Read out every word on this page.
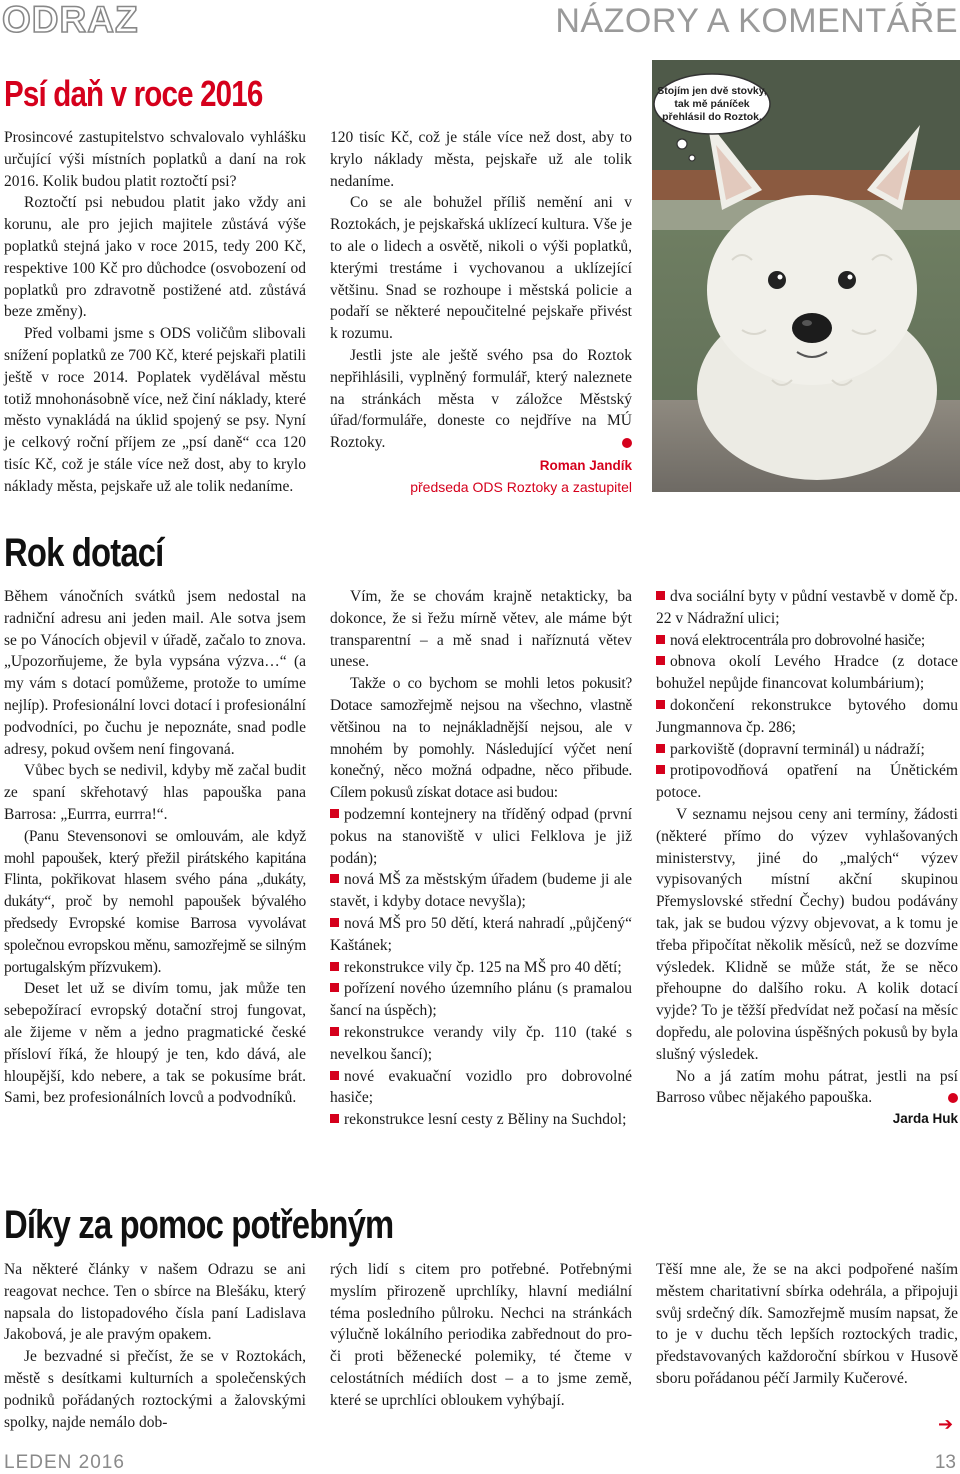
ODRAZ	NÁZORY A KOMENTÁŘE
Psí daň v roce 2016

Prosincové zastupitelstvo schvalovalo vyhlášku určující výši místních poplatků a daní na rok 2016. Kolik budou platit roztočtí psi?

Roztočtí psi nebudou platit jako vždy ani korunu, ale pro jejich majitele zůstává výše poplatků stejná jako v roce 2015, tedy 200 Kč, respektive 100 Kč pro důchodce (osvobození od poplatků pro zdravotně postižené atd. zůstává beze změny).

Před volbami jsme s ODS voličům slibovali snížení poplatků ze 700 Kč, které pejskaři platili ještě v roce 2014. Poplatek vydělával městu totiž mnohonásobně více, než činí náklady, které město vynakládá na úklid spojený se psy. Nyní je celkový roční příjem ze „psí daně“ cca 120 tisíc Kč, což je stále více než dost, aby to krylo náklady města, pejskaře už ale tolik nedaníme.

120 tisíc Kč, což je stále více než dost, aby to krylo náklady města, pejskaře už ale tolik nedaníme.

Co se ale bohužel příliš nemění ani v Roztokách, je pejskařská uklízecí kultura. Vše je to ale o lidech a osvětě, nikoli o výši poplatků, kterými trestáme i vychovanou a uklízející většinu. Snad se rozhoupe i městská policie a podaří se některé nepoučitelné pejskaře přivést k rozumu.

Jestli jste ale ještě svého psa do Roztok nepřihlásili, vyplněný formulář, který naleznete na stránkách města v záložce Městský úřad/formuláře, doneste co nejdříve na MÚ Roztoky.

Roman Jandík
předseda ODS Roztoky a zastupitel
Stojím jen dvě stovky,
tak mě páníček
přehlásil do Roztok.
Rok dotací

Během vánočních svátků jsem nedostal na radniční adresu ani jeden mail. Ale sotva jsem se po Vánocích objevil v úřadě, začalo to znova. „Upozorňujeme, že byla vypsána výzva…“ (a my vám s dotací pomůžeme, protože to umíme nejlíp). Profesionální lovci dotací i profesionální podvodníci, po čuchu je nepoznáte, snad podle adresy, pokud ovšem není fingovaná.

Vůbec bych se nedivil, kdyby mě začal budit ze spaní skřehotavý hlas papouška pana Barrosa: „Eurrra, eurrra!“.

(Panu Stevensonovi se omlouvám, ale když mohl papoušek, který přežil pirátského kapitána Flinta, pokřikovat hlasem svého pána „dukáty, dukáty“, proč by nemohl papoušek bývalého předsedy Evropské komise Barrosa vyvolávat společnou evropskou měnu, samozřejmě se silným portugalským přízvukem).

Deset let už se divím tomu, jak může ten sebepožírací evropský dotační stroj fungovat, ale žijeme v něm a jedno pragmatické české přísloví říká, že hloupý je ten, kdo dává, ale hloupější, kdo nebere, a tak se pokusíme brát. Sami, bez profesionálních lovců a podvodníků.

Vím, že se chovám krajně netakticky, ba dokonce, že si řežu mírně větev, ale máme být transparentní – a mě snad i naříznutá větev unese.

Takže o co bychom se mohli letos pokusit? Dotace samozřejmě nejsou na všechno, vlastně většinou na to nejnákladnější nejsou, ale v mnohém by pomohly. Následující výčet není konečný, něco možná odpadne, něco přibude. Cílem pokusů získat dotace asi budou:

podzemní kontejnery na tříděný odpad (první pokus na stanoviště v ulici Felklova je již podán);

nová MŠ za městským úřadem (budeme ji ale stavět, i kdyby dotace nevyšla);

nová MŠ pro 50 dětí, která nahradí „půjčený“ Kaštánek;

rekonstrukce vily čp. 125 na MŠ pro 40 dětí;

pořízení nového územního plánu (s pramalou šancí na úspěch);

rekonstrukce verandy vily čp. 110 (také s nevelkou šancí);

nové evakuační vozidlo pro dobrovolné hasiče;

rekonstrukce lesní cesty z Běliny na Suchdol;

dva sociální byty v půdní vestavbě v domě čp. 22 v Nádražní ulici;

nová elektrocentrála pro dobrovolné hasiče;

obnova okolí Levého Hradce (z dotace bohužel nepůjde financovat kolumbárium);

dokončení rekonstrukce bytového domu Jungmannova čp. 286;

parkoviště (dopravní terminál) u nádraží;

protipovodňová opatření na Únětickém potoce.

V seznamu nejsou ceny ani termíny, žádosti (některé přímo do výzev vyhlašovaných ministerstvy, jiné do „malých“ výzev vypisovaných místní akční skupinou Přemyslovské střední Čechy) budou podávány tak, jak se budou výzvy objevovat, a k tomu je třeba připočítat několik měsíců, než se dozvíme výsledek. Klidně se může stát, že se něco přehoupne do dalšího roku. A kolik dotací vyjde? To je těžší předvídat než počasí na měsíc dopředu, ale polovina úspěšných pokusů by byla slušný výsledek.

No a já zatím mohu pátrat, jestli na psí Barroso vůbec nějakého papouška.

Jarda Huk
Díky za pomoc potřebným

Na některé články v našem Odrazu se ani reagovat nechce. Ten o sbírce na Blešáku, který napsala do listopadového čísla paní Ladislava Jakobová, je ale pravým opakem.

Je bezvadné si přečíst, že se v Roztokách, městě s desítkami kulturních a společenských podniků pořádaných roztockými a žalovskými spolky, najde nemálo dob-

rých lidí s citem pro potřebné. Potřebnými myslím přirozeně uprchlíky, hlavní mediální téma posledního půlroku. Nechci na stránkách výlučně lokálního periodika zabřednout do pro- či proti běženecké polemiky, té čteme v celostátních médiích dost – a to jsme země, které se uprchlíci obloukem vyhýbají.

Těší mne ale, že se na akci podpořené naším městem charitativní sbírka odehrála, a připojuji svůj srdečný dík. Samozřejmě musím napsat, že to je v duchu těch lepších roztockých tradic, představovaných každoroční sbírkou v Husově sboru pořádanou péčí Jarmily Kučerové.

➔
LEDEN 2016	13
